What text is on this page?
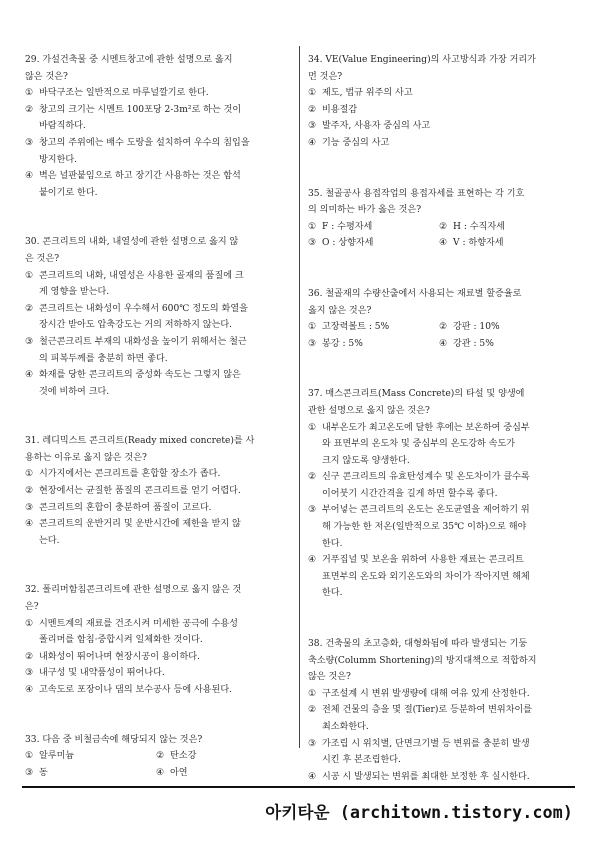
29. 가설건축물 중 시멘트창고에 관한 설명으로 옳지
않은 것은?
① 바닥구조는 일반적으로 마루널깔기로 한다.
② 창고의 크기는 시멘트 100포당 2-3m²로 하는 것이
바람직하다.
③ 창고의 주위에는 배수 도랑을 설치하여 우수의 침입을
방지한다.
④ 벽은 널판붙임으로 하고 장기간 사용하는 것은 함석
붙이기로 한다.
30. 콘크리트의 내화, 내열성에 관한 설명으로 옳지 않
은 것은?
① 콘크리트의 내화, 내열성은 사용한 골재의 품질에 크
게 영향을 받는다.
② 콘크리트는 내화성이 우수해서 600℃ 정도의 화열을
장시간 받아도 압축강도는 거의 저하하지 않는다.
③ 철근콘크리트 부재의 내화성을 높이기 위해서는 철근
의 피복두께를 충분히 하면 좋다.
④ 화재를 당한 콘크리트의 중성화 속도는 그렇지 않은
것에 비하여 크다.
31. 레디믹스트 콘크리트(Ready mixed concrete)를 사
용하는 이유로 옳지 않은 것은?
① 시가지에서는 콘크리트를 혼합할 장소가 좁다.
② 현장에서는 균질한 품질의 콘크리트를 얻기 어렵다.
③ 콘크리트의 혼합이 충분하여 품질이 고르다.
④ 콘크리트의 운반거리 및 운반시간에 제한을 받지 않
는다.
32. 폴리머함침콘크리트에 관한 설명으로 옳지 않은 것
은?
① 시멘트계의 재료를 건조시켜 미세한 공극에 수용성
폴리머를 함침·중합시켜 일체화한 것이다.
② 내화성이 뛰어나며 현장시공이 용이하다.
③ 내구성 및 내약품성이 뛰어나다.
④ 고속도로 포장이나 댐의 보수공사 등에 사용된다.
33. 다음 중 비철금속에 해당되지 않는 것은?
① 알루미늄	② 탄소강
③ 동	④ 아연
34. VE(Value Engineering)의 사고방식과 가장 거리가
먼 것은?
① 제도, 법규 위주의 사고
② 비용절감
③ 발주자, 사용자 중심의 사고
④ 기능 중심의 사고
35. 철골공사 용접작업의 용접자세를 표현하는 각 기호
의 의미하는 바가 옳은 것은?
① F : 수평자세	② H : 수직자세
③ O : 상향자세	④ V : 하향자세
36. 철골재의 수량산출에서 사용되는 재료별 할증율로
옳지 않은 것은?
① 고장력볼트 : 5%	② 강판 : 10%
③ 봉강 : 5%	④ 강관 : 5%
37. 매스콘크리트(Mass Concrete)의 타설 및 양생에
관한 설명으로 옳지 않은 것은?
① 내부온도가 최고온도에 달한 후에는 보온하여 중심부
와 표면부의 온도차 및 중심부의 온도강하 속도가
크지 않도록 양생한다.
② 신구 콘크리트의 유효탄성계수 및 온도차이가 클수록
이어붓기 시간간격을 길게 하면 할수록 좋다.
③ 부어넣는 콘크리트의 온도는 온도균열을 제어하기 위
해 가능한 한 저온(일반적으로 35℃ 이하)으로 해야
한다.
④ 거푸집널 및 보온을 위하여 사용한 재료는 콘크리트
표면부의 온도와 외기온도와의 차이가 작아지면 해체
한다.
38. 건축물의 초고층화, 대형화됨에 따라 발생되는 기둥
축소량(Columm Shortening)의 방지대책으로 적합하지
않은 것은?
① 구조설계 시 변위 발생량에 대해 여유 있게 산정한다.
② 전체 건물의 층을 몇 절(Tier)로 등분하여 변위차이를
최소화한다.
③ 가조립 시 위치별, 단면크기별 등 변위를 충분히 발생
시킨 후 본조립한다.
④ 시공 시 발생되는 변위를 최대한 보정한 후 실시한다.
아키타운 (architown.tistory.com)
